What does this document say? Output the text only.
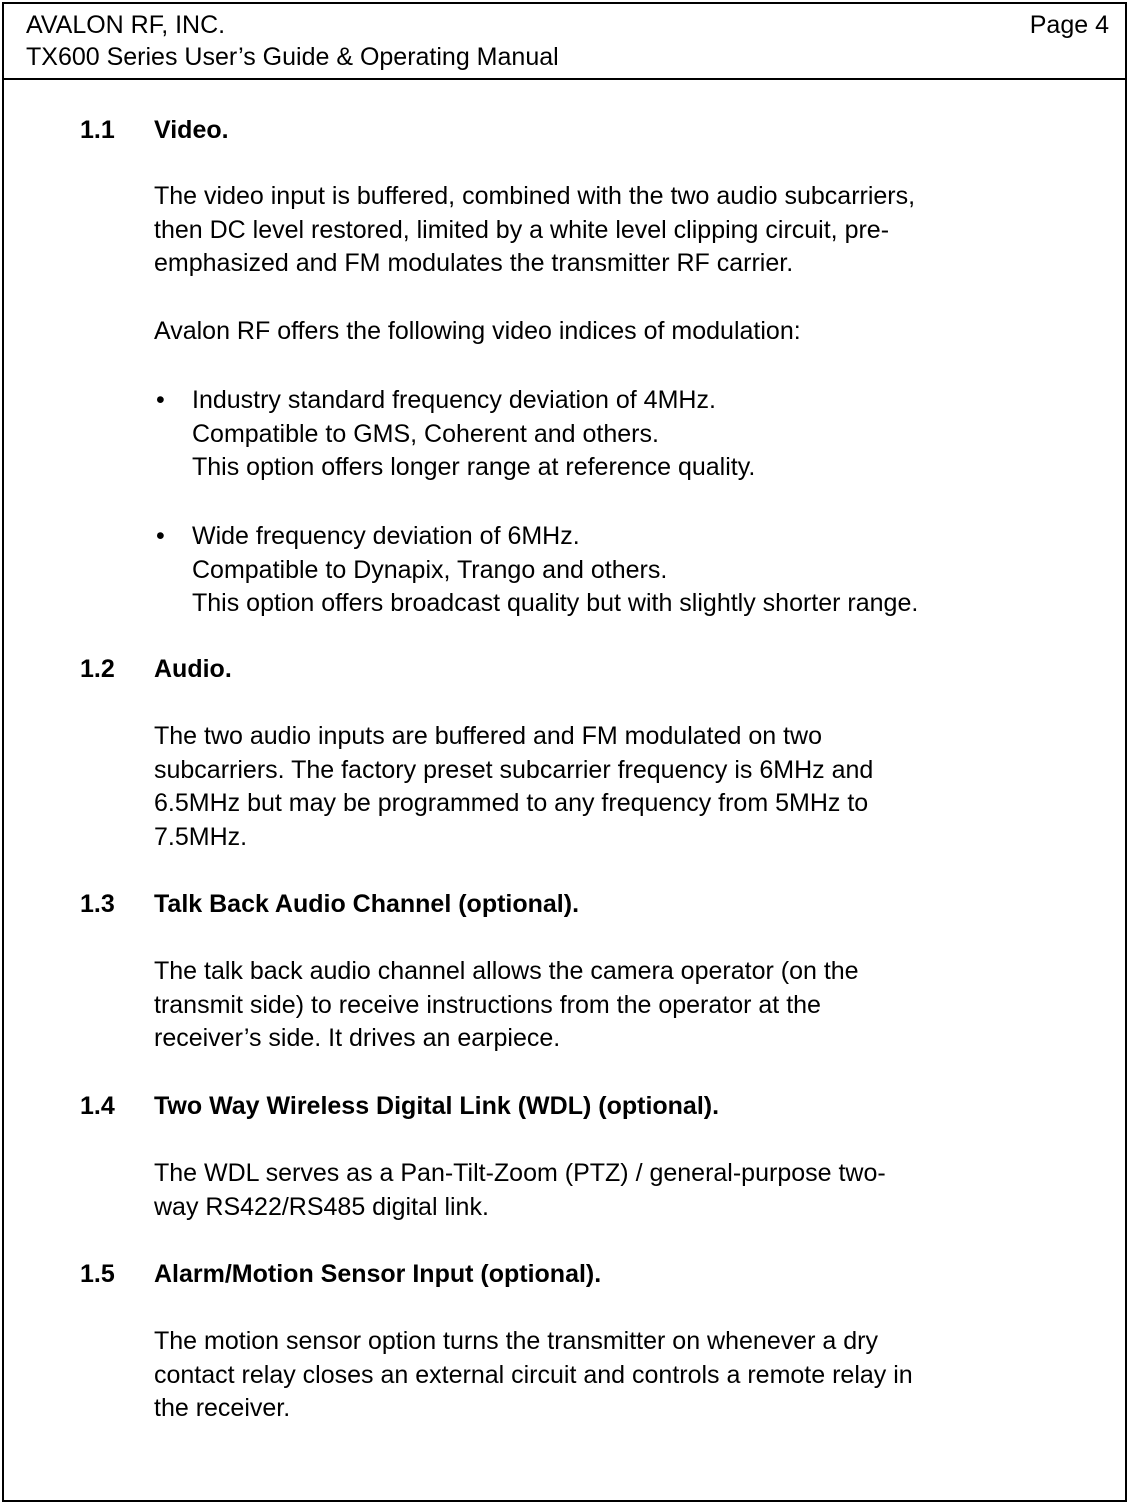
AVALON RF, INC.
TX600 Series User’s Guide & Operating Manual
Page 4
1.1 Video.
The video input is buffered, combined with the two audio subcarriers,
then DC level restored, limited by a white level clipping circuit, pre-
emphasized and FM modulates the transmitter RF carrier.
Avalon RF offers the following video indices of modulation:
• Industry standard frequency deviation of 4MHz.
Compatible to GMS, Coherent and others.
This option offers longer range at reference quality.
• Wide frequency deviation of 6MHz.
Compatible to Dynapix, Trango and others.
This option offers broadcast quality but with slightly shorter range.
1.2 Audio.
The two audio inputs are buffered and FM modulated on two
subcarriers. The factory preset subcarrier frequency is 6MHz and
6.5MHz but may be programmed to any frequency from 5MHz to
7.5MHz.
1.3 Talk Back Audio Channel (optional).
The talk back audio channel allows the camera operator (on the
transmit side) to receive instructions from the operator at the
receiver’s side. It drives an earpiece.
1.4 Two Way Wireless Digital Link (WDL) (optional).
The WDL serves as a Pan-Tilt-Zoom (PTZ) / general-purpose two-
way RS422/RS485 digital link.
1.5 Alarm/Motion Sensor Input (optional).
The motion sensor option turns the transmitter on whenever a dry
contact relay closes an external circuit and controls a remote relay in
the receiver.
